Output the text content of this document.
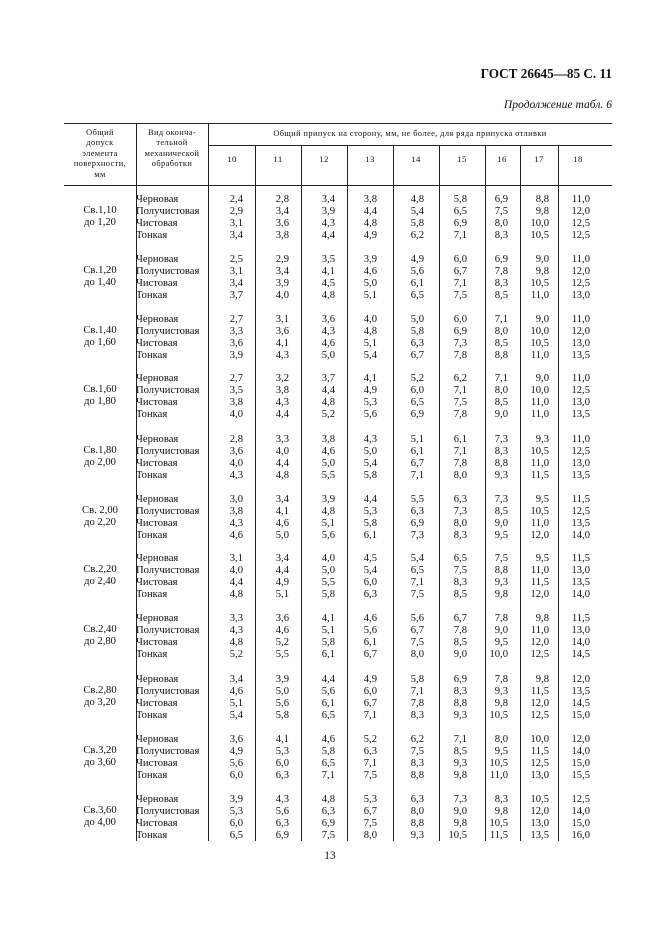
ГОСТ 26645—85 С. 11
Продолжение табл. 6
Общий
допуск
элемента
поверхности,
мм
Вид оконча-
тельной
механической
обработки
Общий припуск на сторону, мм, не более, для ряда припуска отливки
10	11	12	13	14	15	16	17	18
Св.1,10
до 1,20
Черновая	2,4	2,8	3,4	3,8	4,8	5,8	6,9	8,8 11,0
Получистовая	2,9	3,4	3,9	4,4	5,4	6,5	7,5	9,8 12,0
Чистовая	3,1	3,6	4,3	4,8	5,8	6,9	8,0 10,0 12,5
Тонкая	3,4	3,8	4,4	4,9	6,2	7,1	8,3 10,5 12,5
Св.1,20
до 1,40
Черновая	2,5	2,9	3,5	3,9	4,9	6,0	6,9	9,0 11,0
Получистовая	3,1	3,4	4,1	4,6	5,6	6,7	7,8	9,8 12,0
Чистовая	3,4	3,9	4,5	5,0	6,1	7,1	8,3 10,5 12,5
Тонкая	3,7	4,0	4,8	5,1	6,5	7,5	8,5 11,0 13,0
Св.1,40
до 1,60
Черновая	2,7	3,1	3,6	4,0	5,0	6,0	7,1	9,0 11,0
Получистовая	3,3	3,6	4,3	4,8	5,8	6,9	8,0 10,0 12,0
Чистовая	3,6	4,1	4,6	5,1	6,3	7,3	8,5 10,5 13,0
Тонкая	3,9	4,3	5,0	5,4	6,7	7,8	8,8 11,0 13,5
Св.1,60
до 1,80
Черновая	2,7	3,2	3,7	4,1	5,2	6,2	7,1	9,0 11,0
Получистовая	3,5	3,8	4,4	4,9	6,0	7,1	8,0 10,0 12,5
Чистовая	3,8	4,3	4,8	5,3	6,5	7,5	8,5 11,0 13,0
Тонкая	4,0	4,4	5,2	5,6	6,9	7,8	9,0 11,0 13,5
Св.1,80
до 2,00
Черновая	2,8	3,3	3,8	4,3	5,1	6,1	7,3	9,3 11,0
Получистовая	3,6	4,0	4,6	5,0	6,1	7,1	8,3 10,5 12,5
Чистовая	4,0	4,4	5,0	5,4	6,7	7,8	8,8 11,0 13,0
Тонкая	4,3	4,8	5,5	5,8	7,1	8,0	9,3 11,5 13,5
Св. 2,00
до 2,20
Черновая	3,0	3,4	3,9	4,4	5,5	6,3	7,3	9,5 11,5
Получистовая	3,8	4,1	4,8	5,3	6,3	7,3	8,5 10,5 12,5
Чистовая	4,3	4,6	5,1	5,8	6,9	8,0	9,0 11,0 13,5
Тонкая	4,6	5,0	5,6	6,1	7,3	8,3	9,5 12,0 14,0
Св.2,20
до 2,40
Черновая	3,1	3,4	4,0	4,5	5,4	6,5	7,5	9,5 11,5
Получистовая	4,0	4,4	5,0	5,4	6,5	7,5	8,8 11,0 13,0
Чистовая	4,4	4,9	5,5	6,0	7,1	8,3	9,3 11,5 13,5
Тонкая	4,8	5,1	5,8	6,3	7,5	8,5	9,8 12,0 14,0
Св.2,40
до 2,80
Черновая	3,3	3,6	4,1	4,6	5,6	6,7	7,8	9,8 11,5
Получистовая	4,3	4,6	5,1	5,6	6,7	7,8	9,0 11,0 13,0
Чистовая	4,8	5,2	5,8	6,1	7,5	8,5	9,5 12,0 14,0
Тонкая	5,2	5,5	6,1	6,7	8,0	9,0 10,0 12,5 14,5
Св.2,80
до 3,20
Черновая	3,4	3,9	4,4	4,9	5,8	6,9	7,8	9,8 12,0
Получистовая	4,6	5,0	5,6	6,0	7,1	8,3	9,3 11,5 13,5
Чистовая	5,1	5,6	6,1	6,7	7,8	8,8	9,8 12,0 14,5
Тонкая	5,4	5,8	6,5	7,1	8,3	9,3 10,5 12,5 15,0
Св.3,20
до 3,60
Черновая	3,6	4,1	4,6	5,2	6,2	7,1	8,0 10,0 12,0
Получистовая	4,9	5,3	5,8	6,3	7,5	8,5	9,5 11,5 14,0
Чистовая	5,6	6,0	6,5	7,1	8,3	9,3 10,5 12,5 15,0
Тонкая	6,0	6,3	7,1	7,5	8,8	9,8 11,0 13,0 15,5
Св.3,60
до 4,00
Черновая	3,9	4,3	4,8	5,3	6,3	7,3	8,3 10,5 12,5
Получистовая	5,3	5,6	6,3	6,7	8,0	9,0	9,8 12,0 14,0
Чистовая	6,0	6,3	6,9	7,5	8,8	9,8 10,5 13,0 15,0
Тонкая	6,5	6,9	7,5	8,0	9,3 10,5 11,5 13,5 16,0
13
